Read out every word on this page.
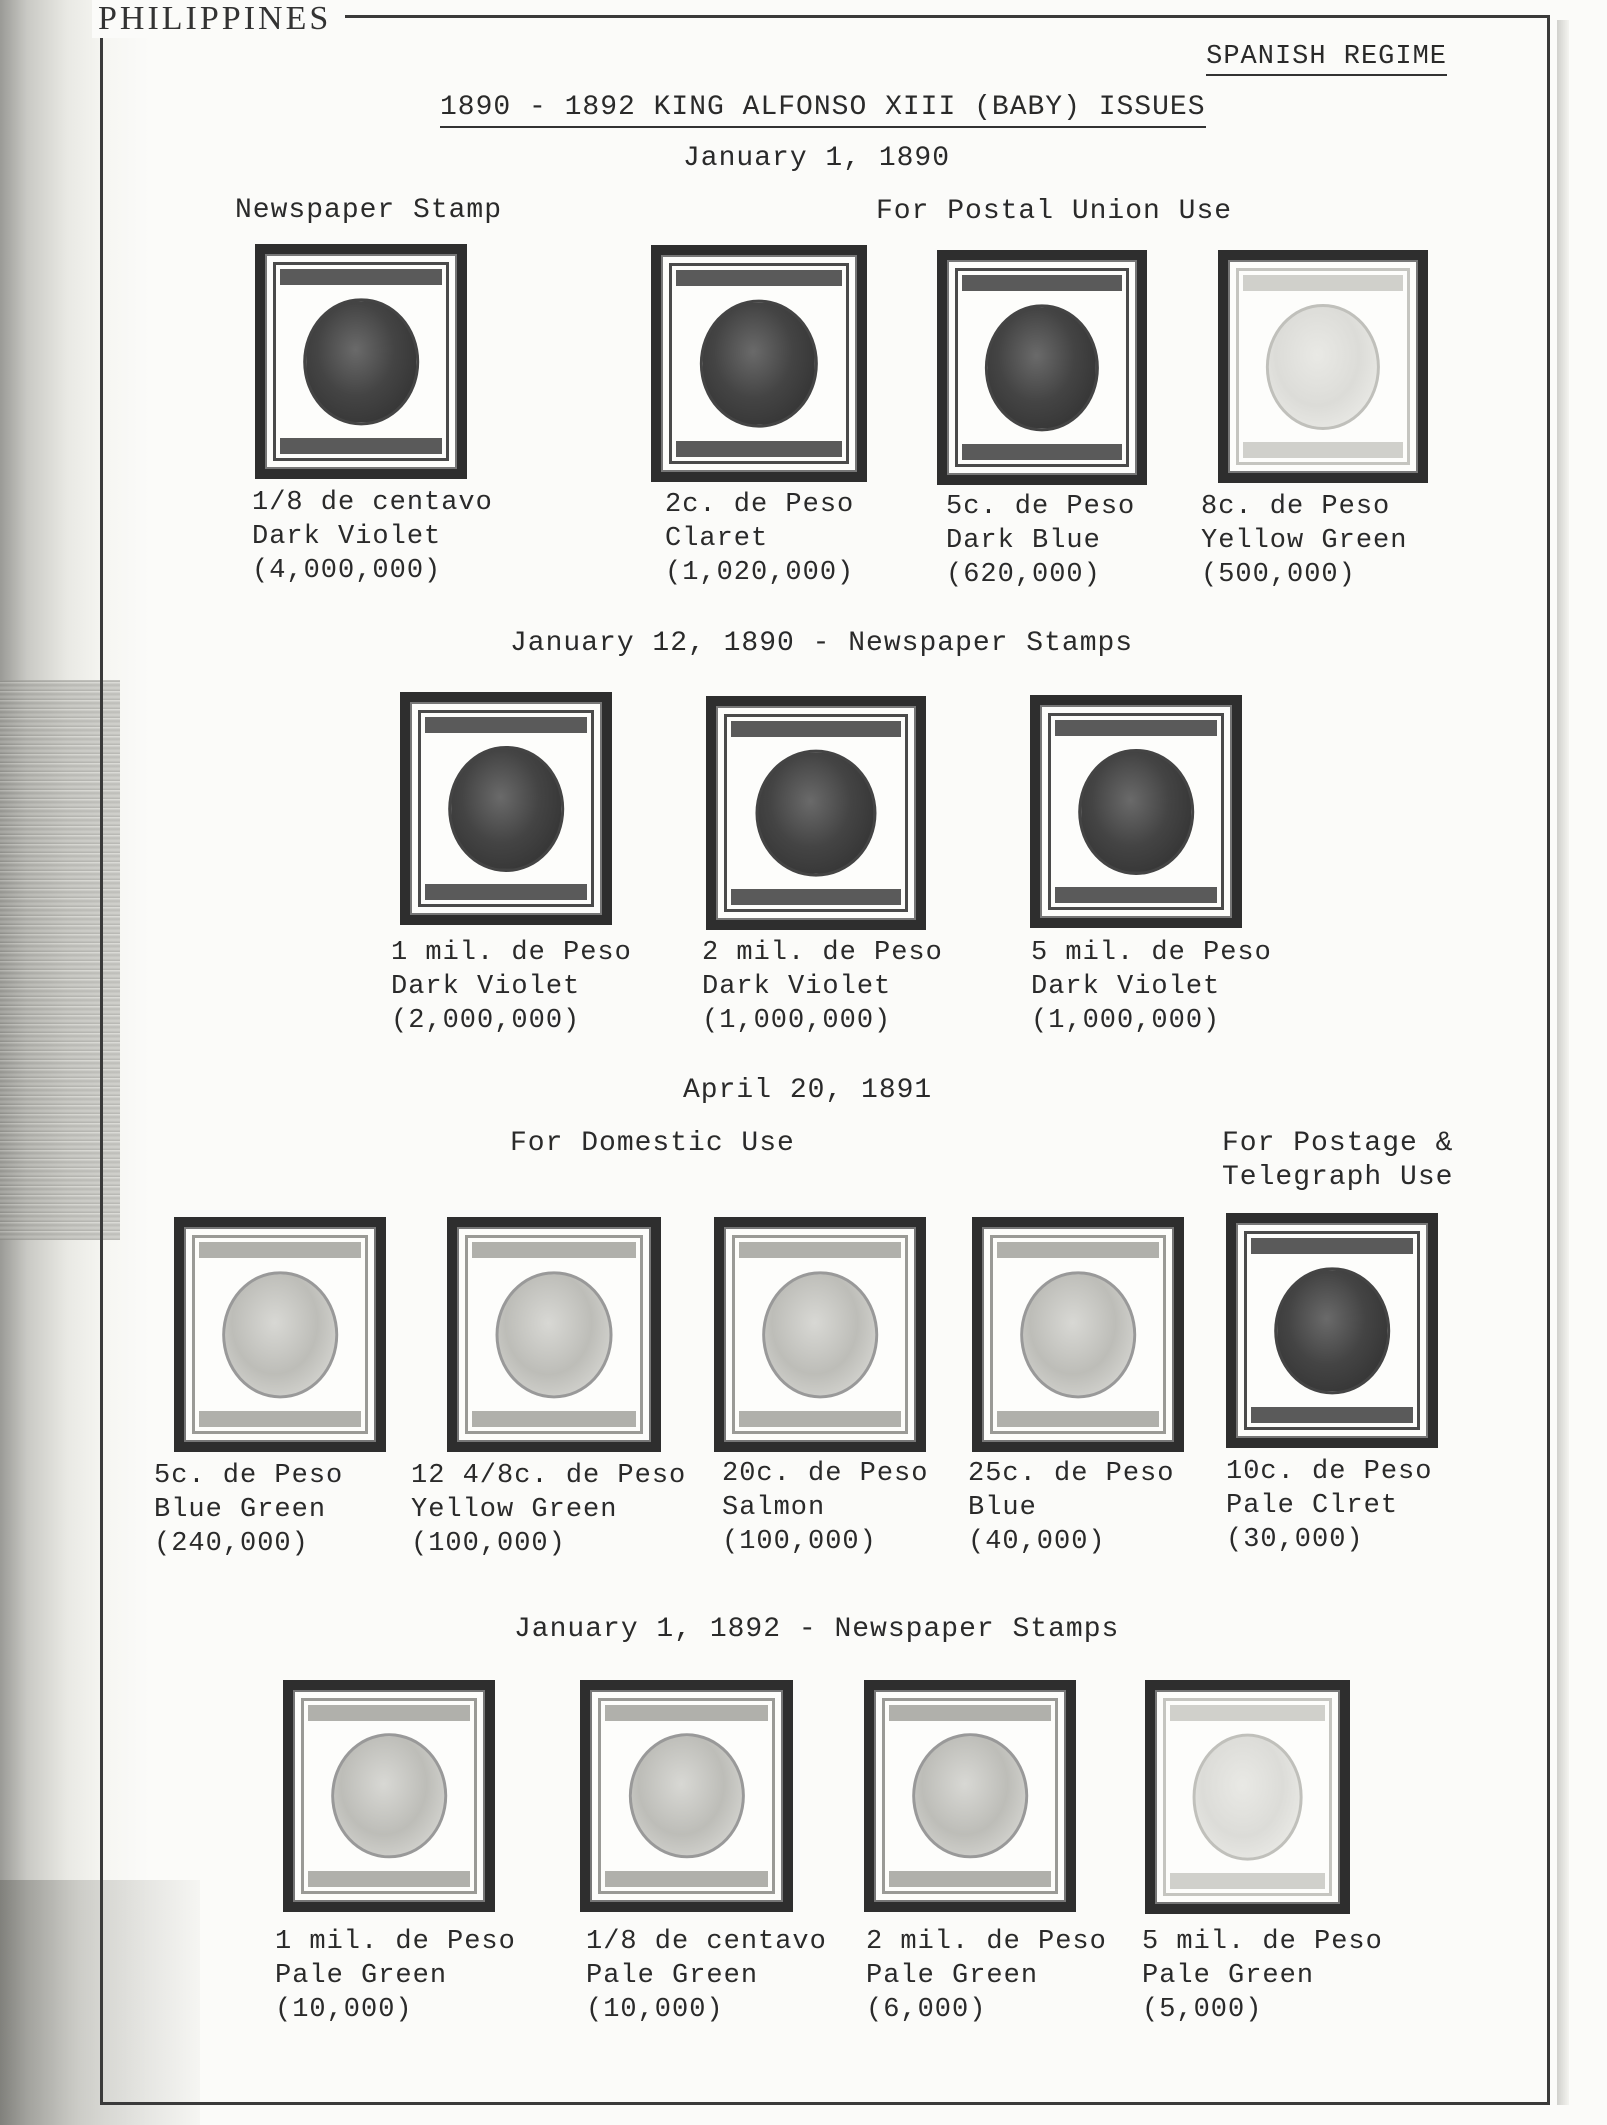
PHILIPPINES
SPANISH REGIME
1890 - 1892 KING ALFONSO XIII (BABY) ISSUES
January 1, 1890
Newspaper Stamp	For Postal Union Use
1/8 de centavo
Dark Violet
(4,000,000)
2c. de Peso
Claret
(1,020,000)
5c. de Peso
Dark Blue
(620,000)
8c. de Peso
Yellow Green
(500,000)
January 12, 1890 - Newspaper Stamps
1 mil. de Peso
Dark Violet
(2,000,000)
2 mil. de Peso
Dark Violet
(1,000,000)
5 mil. de Peso
Dark Violet
(1,000,000)
April 20, 1891
For Domestic Use	For Postage &
Telegraph Use
5c. de Peso
Blue Green
(240,000)
12 4/8c. de Peso
Yellow Green
(100,000)
20c. de Peso
Salmon
(100,000)
25c. de Peso
Blue
(40,000)
10c. de Peso
Pale Clret
(30,000)
January 1, 1892 - Newspaper Stamps
1 mil. de Peso
Pale Green
(10,000)
1/8 de centavo
Pale Green
(10,000)
2 mil. de Peso
Pale Green
(6,000)
5 mil. de Peso
Pale Green
(5,000)
